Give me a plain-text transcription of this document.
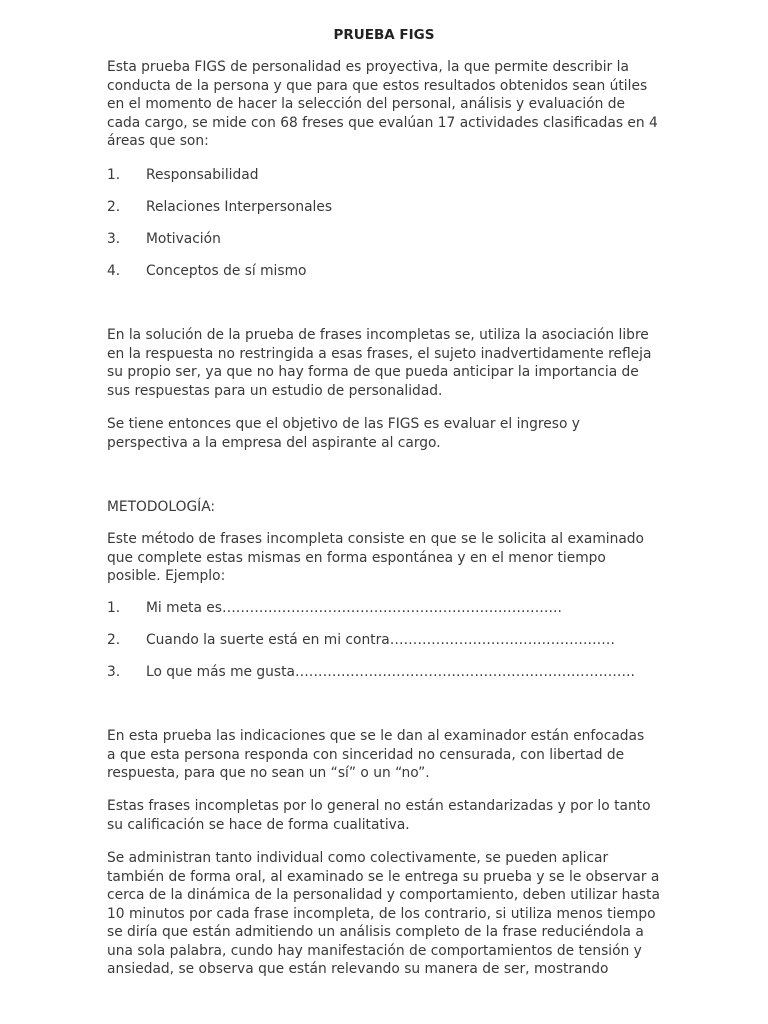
PRUEBA FIGS

Esta prueba FIGS de personalidad es proyectiva, la que permite describir la
conducta de la persona y que para que estos resultados obtenidos sean útiles
en el momento de hacer la selección del personal, análisis y evaluación de
cada cargo, se mide con 68 freses que evalúan 17 actividades clasificadas en 4
áreas que son:

1. Responsabilidad
2. Relaciones Interpersonales
3. Motivación
4. Conceptos de sí mismo

En la solución de la prueba de frases incompletas se, utiliza la asociación libre
en la respuesta no restringida a esas frases, el sujeto inadvertidamente refleja
su propio ser, ya que no hay forma de que pueda anticipar la importancia de
sus respuestas para un estudio de personalidad.

Se tiene entonces que el objetivo de las FIGS es evaluar el ingreso y
perspectiva a la empresa del aspirante al cargo.

METODOLOGÍA:

Este método de frases incompleta consiste en que se le solicita al examinado
que complete estas mismas en forma espontánea y en el menor tiempo
posible. Ejemplo:

1. Mi meta es………………………………………………………………..
2. Cuando la suerte está en mi contra………………………………………….
3. Lo que más me gusta………………………………………………………………..

En esta prueba las indicaciones que se le dan al examinador están enfocadas
a que esta persona responda con sinceridad no censurada, con libertad de
respuesta, para que no sean un “sí” o un “no”.

Estas frases incompletas por lo general no están estandarizadas y por lo tanto
su calificación se hace de forma cualitativa.

Se administran tanto individual como colectivamente, se pueden aplicar
también de forma oral, al examinado se le entrega su prueba y se le observar a
cerca de la dinámica de la personalidad y comportamiento, deben utilizar hasta
10 minutos por cada frase incompleta, de los contrario, si utiliza menos tiempo
se diría que están admitiendo un análisis completo de la frase reduciéndola a
una sola palabra, cundo hay manifestación de comportamientos de tensión y
ansiedad, se observa que están relevando su manera de ser, mostrando
